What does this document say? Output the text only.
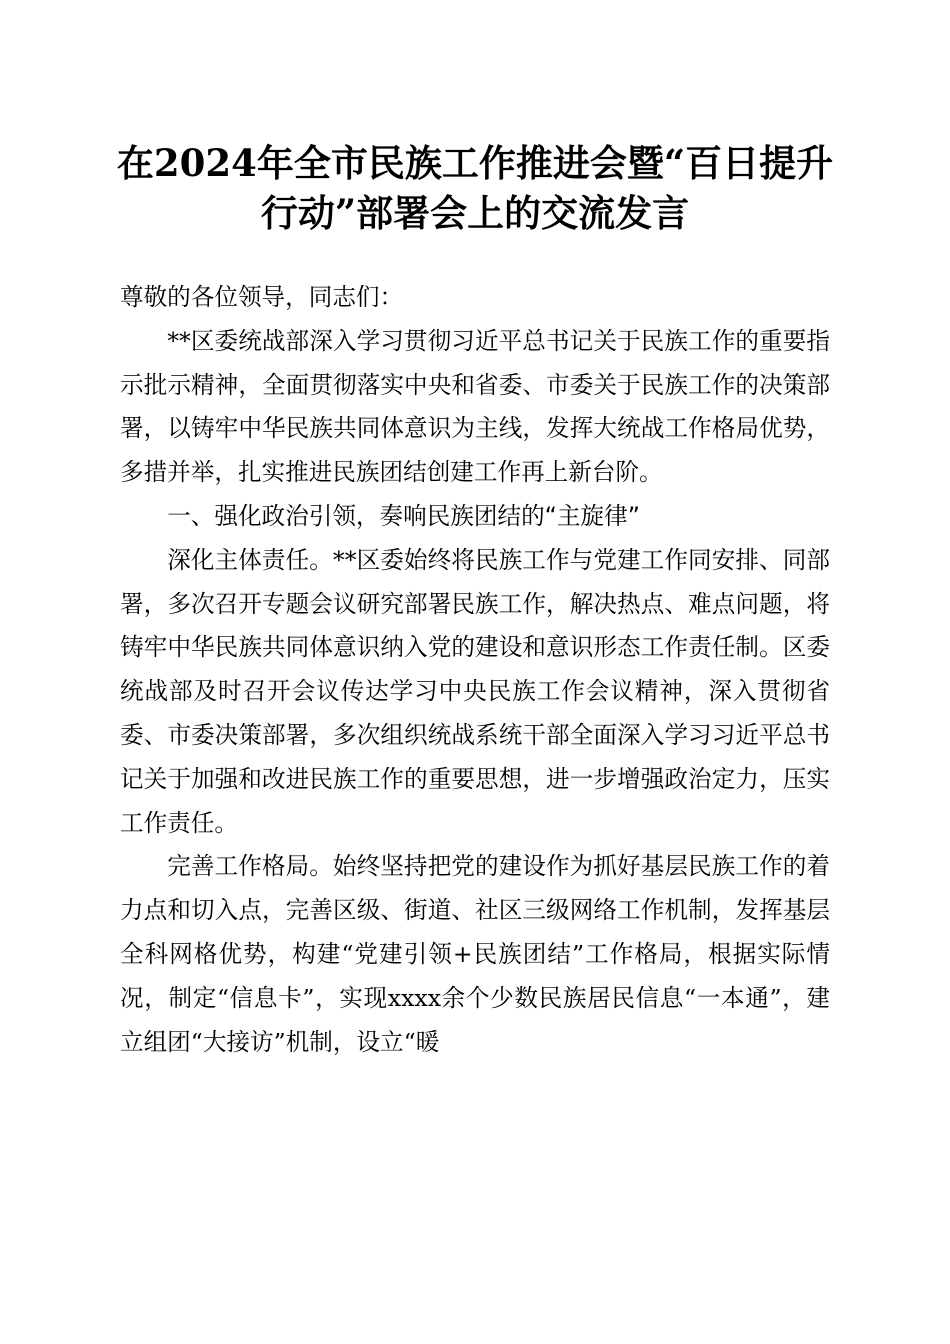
在2024年全市民族工作推进会暨“百日提升
行动”部署会上的交流发言

尊敬的各位领导，同志们：

**区委统战部深入学习贯彻习近平总书记关于民族工作的重要指示批示精神，全面贯彻落实中央和省委、市委关于民族工作的决策部署，以铸牢中华民族共同体意识为主线，发挥大统战工作格局优势，多措并举，扎实推进民族团结创建工作再上新台阶。

一、强化政治引领，奏响民族团结的“主旋律”

深化主体责任。**区委始终将民族工作与党建工作同安排、同部署，多次召开专题会议研究部署民族工作，解决热点、难点问题，将铸牢中华民族共同体意识纳入党的建设和意识形态工作责任制。区委统战部及时召开会议传达学习中央民族工作会议精神，深入贯彻省委、市委决策部署，多次组织统战系统干部全面深入学习习近平总书记关于加强和改进民族工作的重要思想，进一步增强政治定力，压实工作责任。

完善工作格局。始终坚持把党的建设作为抓好基层民族工作的着力点和切入点，完善区级、街道、社区三级网络工作机制，发挥基层全科网格优势，构建“党建引领+民族团结”工作格局，根据实际情况，制定“信息卡”，实现xxxx余个少数民族居民信息“一本通”，建立组团“大接访”机制，设立“暖
